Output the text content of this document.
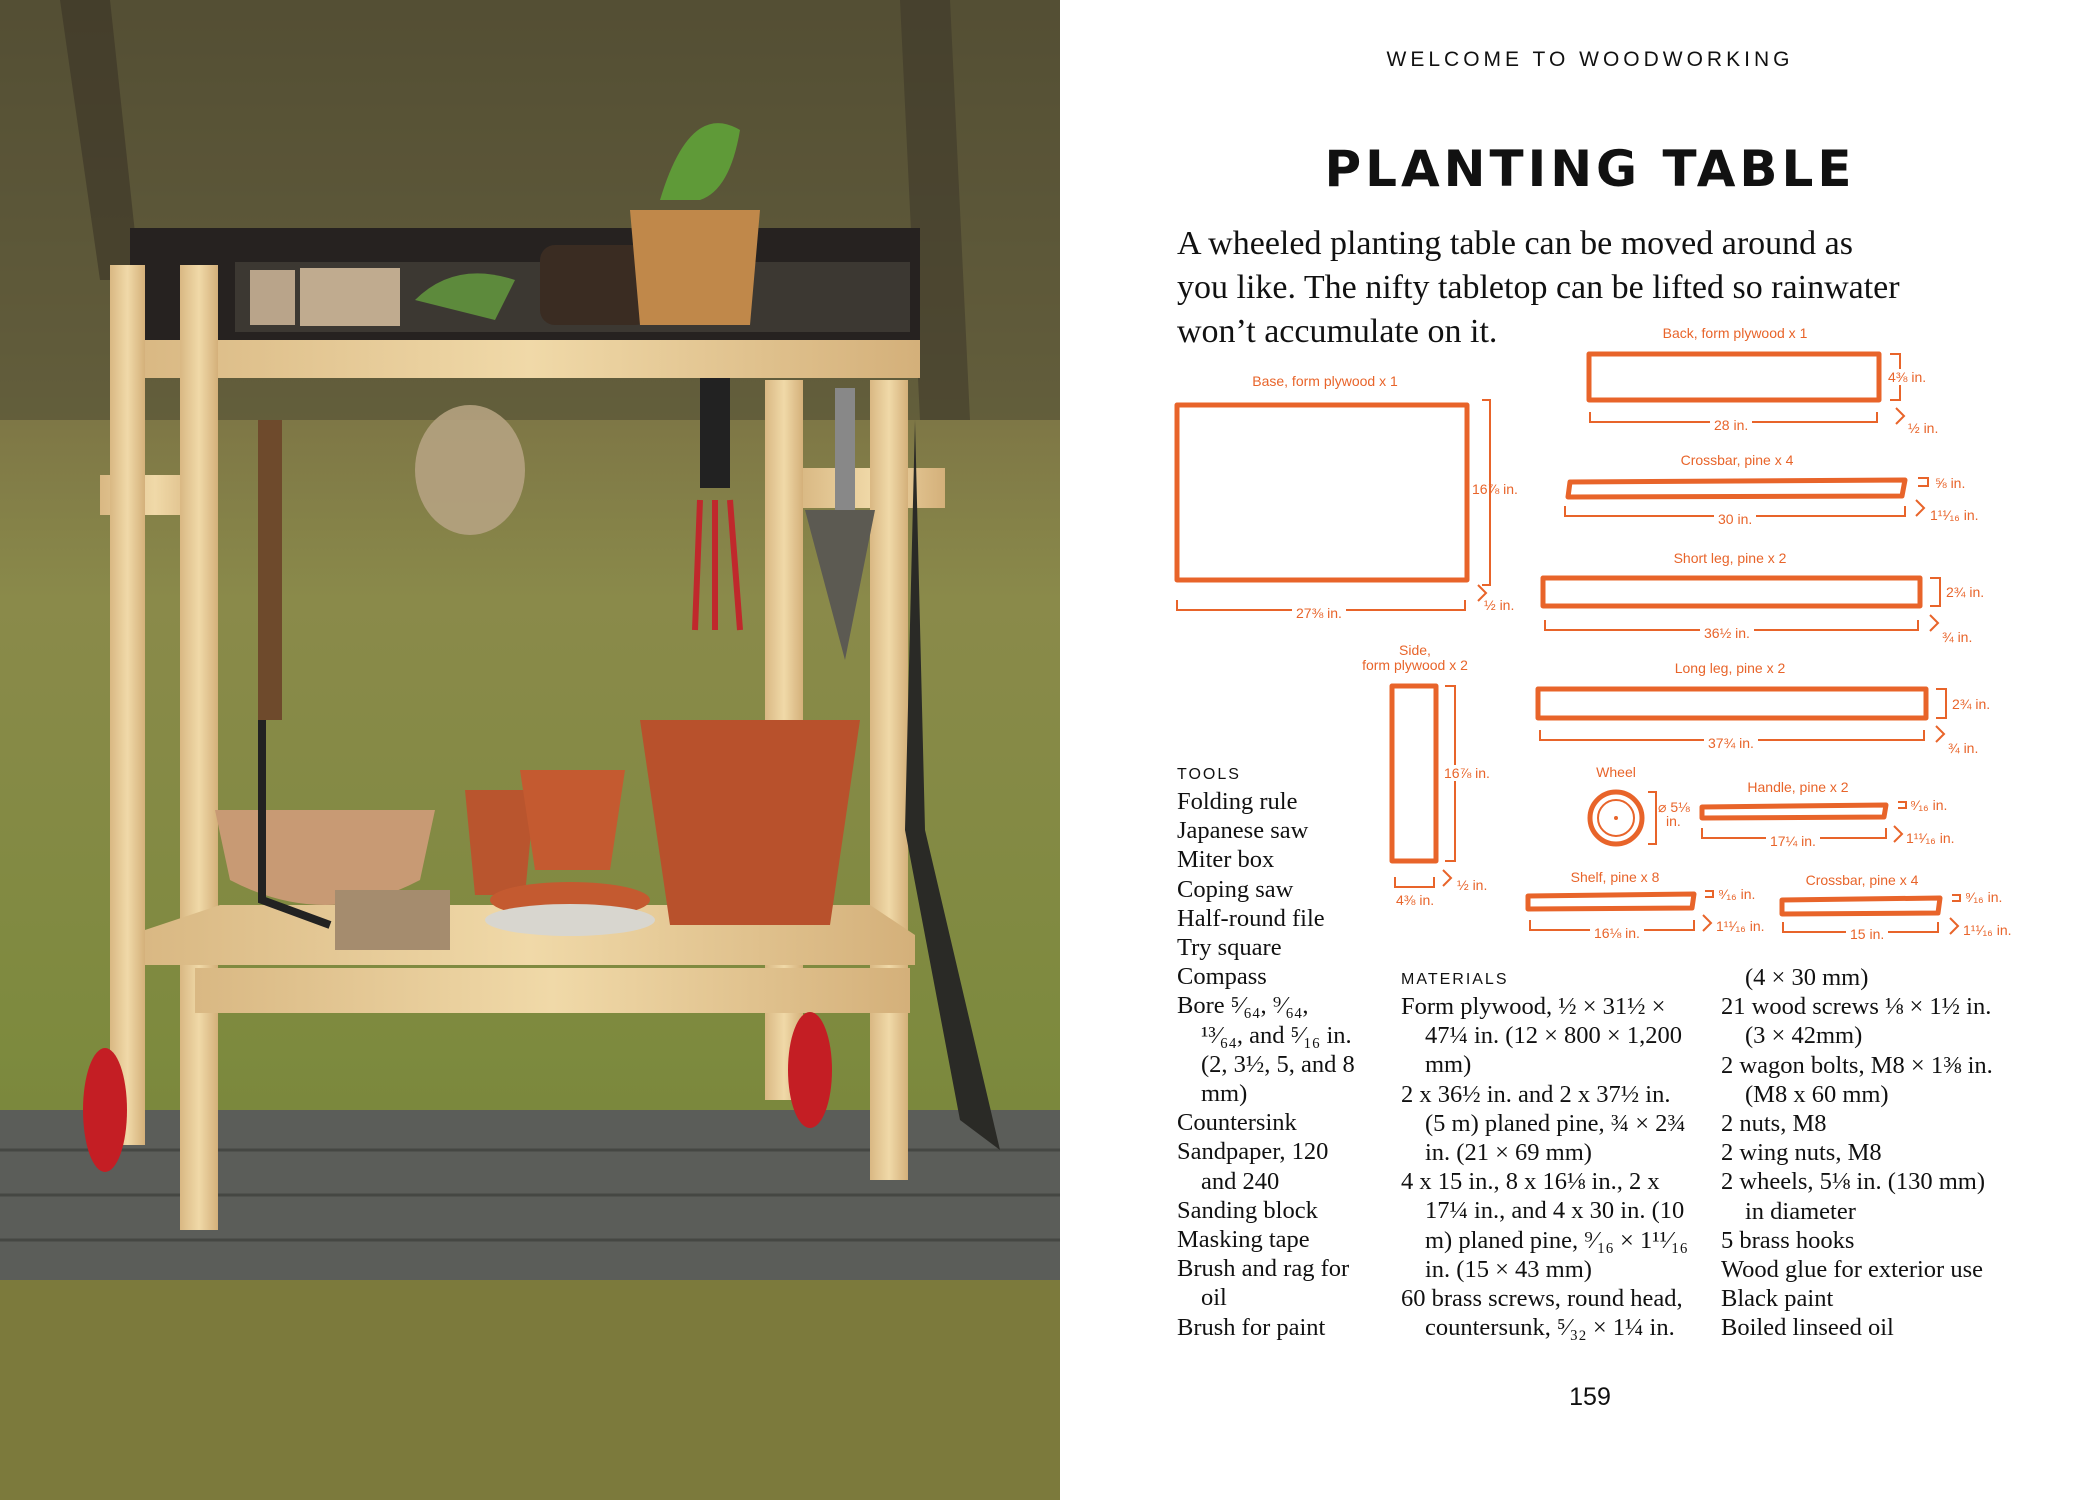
WELCOME TO WOODWORKING
PLANTING TABLE
A wheeled planting table can be moved around as
you like. The nifty tabletop can be lifted so rainwater
won’t accumulate on it.
Base, form plywood x 1
16⅞ in.
27⅜ in.	½ in.
Back, form plywood x 1
4⅜ in.
28 in.	½ in.
Crossbar, pine x 4
⅝ in.
30 in.	1¹¹⁄₁₆ in.
Short leg, pine x 2
2¾ in.
36½ in.	¾ in.
Side,
form plywood x 2
16⅞ in.
4⅜ in.
½ in.
Long leg, pine x 2
2¾ in.
37¾ in.	¾ in.
Wheel
⌀ 5⅛
in.
Handle, pine x 2
⁹⁄₁₆ in.
17¼ in.	1¹¹⁄₁₆ in.
Shelf, pine x 8
⁹⁄₁₆ in.
16⅛ in.	1¹¹⁄₁₆ in.
Crossbar, pine x 4
⁹⁄₁₆ in.
15 in.	1¹¹⁄₁₆ in.
TOOLS
Folding rule
Japanese saw
Miter box
Coping saw
Half-round file
Try square
Compass
Bore ⁵⁄₆₄, ⁹⁄₆₄,
¹³⁄₆₄, and ⁵⁄₁₆ in.
(2, 3½, 5, and 8
mm)
Countersink
Sandpaper, 120
and 240
Sanding block
Masking tape
Brush and rag for
oil
Brush for paint
MATERIALS
Form plywood, ½ × 31½ ×
47¼ in. (12 × 800 × 1,200
mm)
2 x 36½ in. and 2 x 37½ in.
(5 m) planed pine, ¾ × 2¾
in. (21 × 69 mm)
4 x 15 in., 8 x 16⅛ in., 2 x
17¼ in., and 4 x 30 in. (10
m) planed pine, ⁹⁄₁₆ × 1¹¹⁄₁₆
in. (15 × 43 mm)
60 brass screws, round head,
countersunk, ⁵⁄₃₂ × 1¼ in.
(4 × 30 mm)
21 wood screws ⅛ × 1½ in.
(3 × 42mm)
2 wagon bolts, M8 × 1⅜ in.
(M8 x 60 mm)
2 nuts, M8
2 wing nuts, M8
2 wheels, 5⅛ in. (130 mm)
in diameter
5 brass hooks
Wood glue for exterior use
Black paint
Boiled linseed oil
159
